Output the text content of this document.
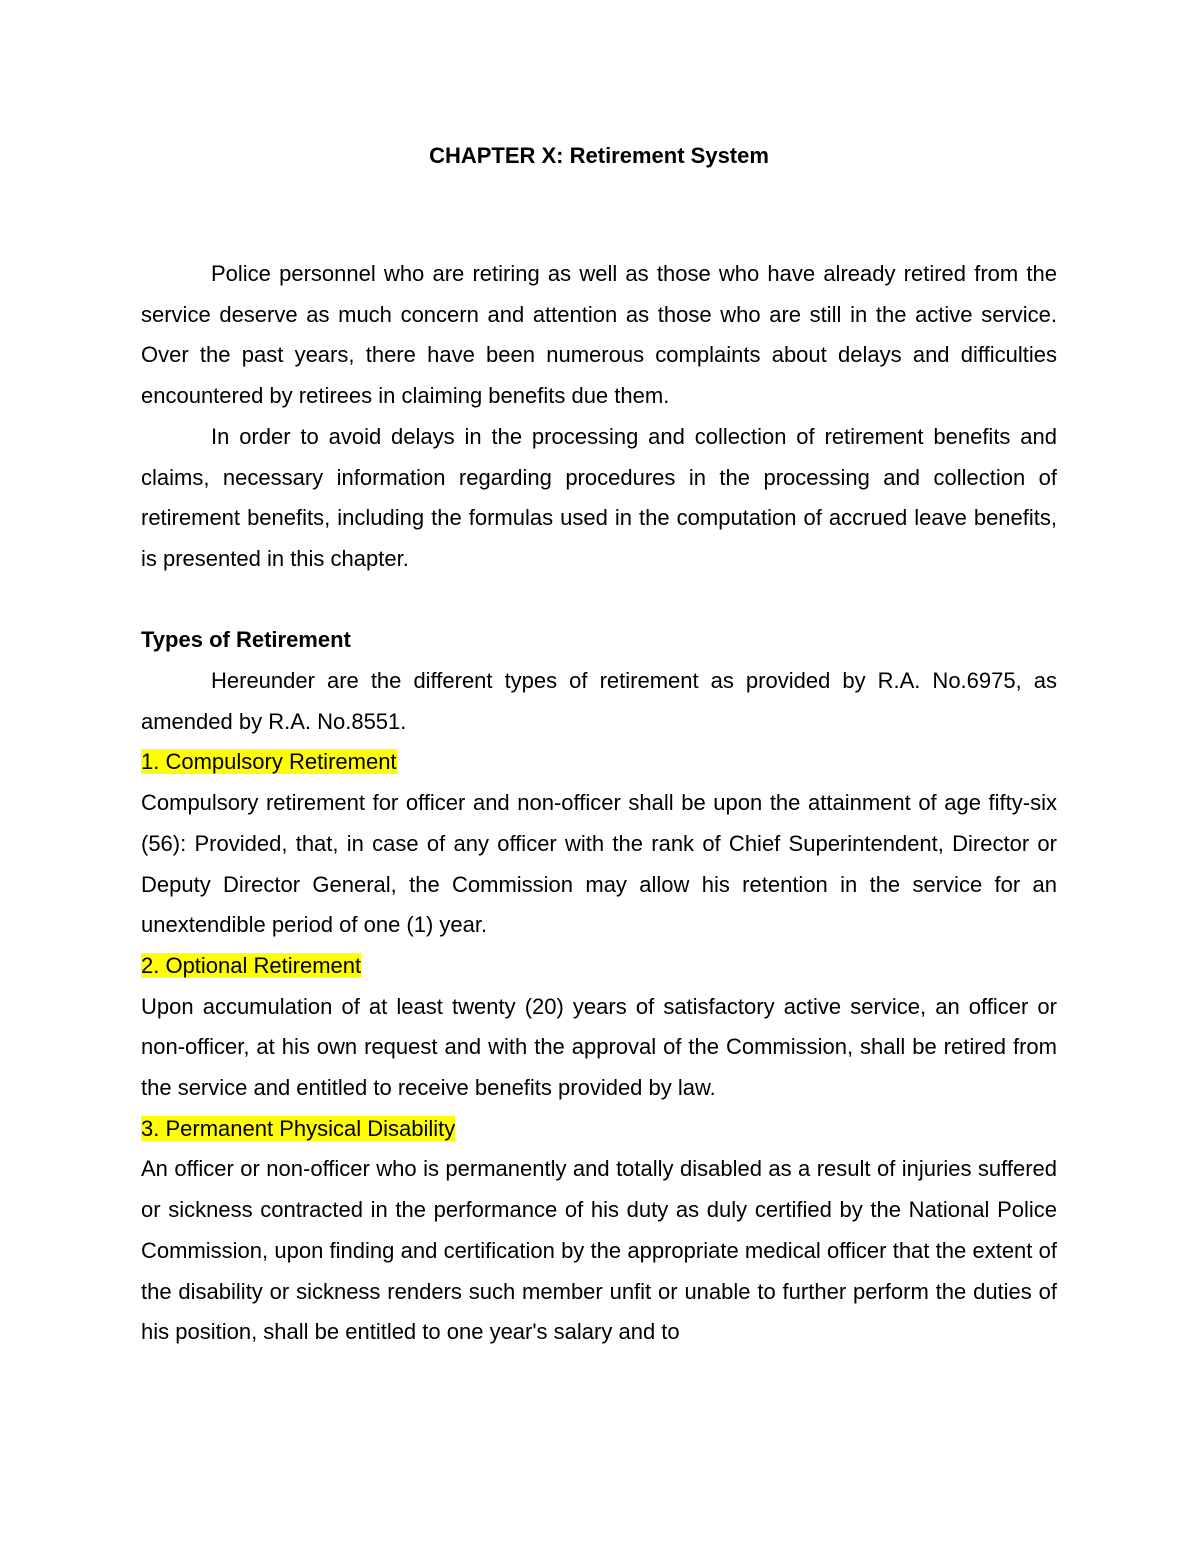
CHAPTER X: Retirement System

Police personnel who are retiring as well as those who have already retired from the service deserve as much concern and attention as those who are still in the active service. Over the past years, there have been numerous complaints about delays and difficulties encountered by retirees in claiming benefits due them.

In order to avoid delays in the processing and collection of retirement benefits and claims, necessary information regarding procedures in the processing and collection of retirement benefits, including the formulas used in the computation of accrued leave benefits, is presented in this chapter.

Types of Retirement

Hereunder are the different types of retirement as provided by R.A. No.6975, as amended by R.A. No.8551.

1. Compulsory Retirement

Compulsory retirement for officer and non-officer shall be upon the attainment of age fifty-six (56): Provided, that, in case of any officer with the rank of Chief Superintendent, Director or Deputy Director General, the Commission may allow his retention in the service for an unextendible period of one (1) year.

2. Optional Retirement

Upon accumulation of at least twenty (20) years of satisfactory active service, an officer or non-officer, at his own request and with the approval of the Commission, shall be retired from the service and entitled to receive benefits provided by law.

3. Permanent Physical Disability

An officer or non-officer who is permanently and totally disabled as a result of injuries suffered or sickness contracted in the performance of his duty as duly certified by the National Police Commission, upon finding and certification by the appropriate medical officer that the extent of the disability or sickness renders such member unfit or unable to further perform the duties of his position, shall be entitled to one year's salary and to
